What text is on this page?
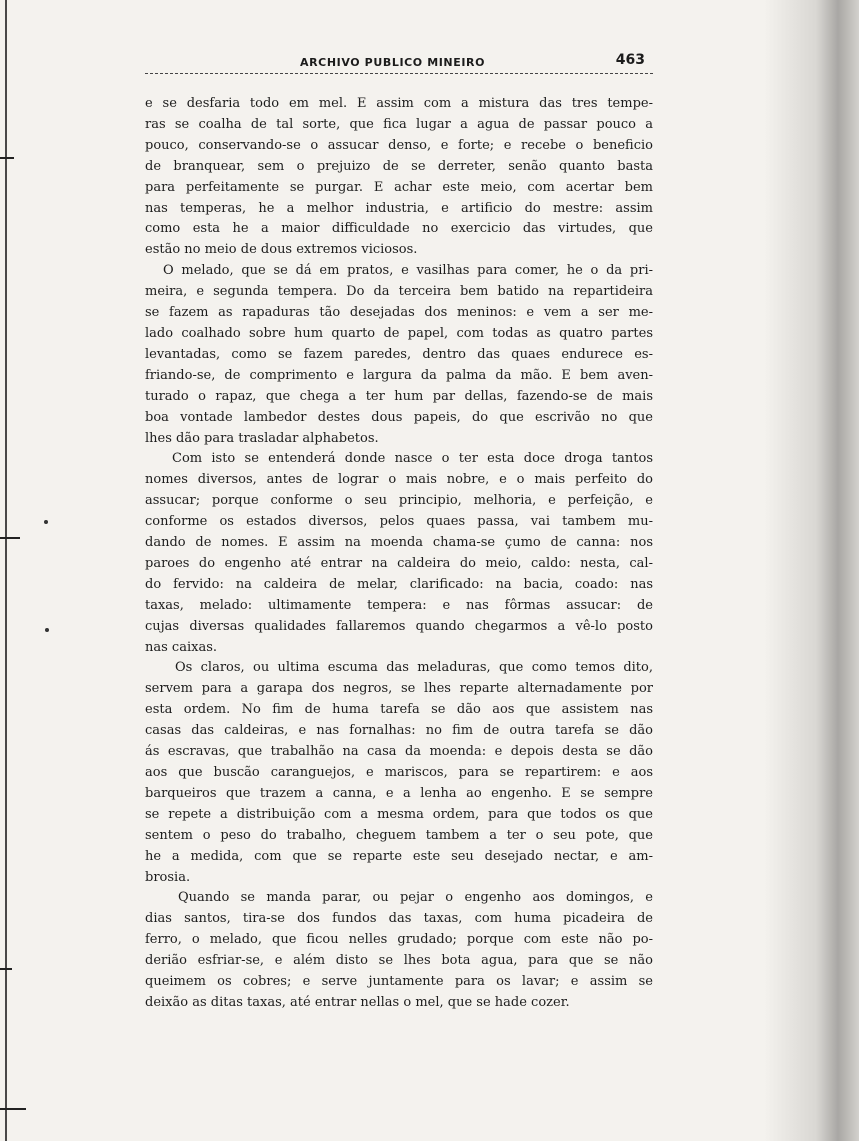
ARCHIVO PUBLICO MINEIRO	463

e se desfaria todo em mel. E assim com a mistura das tres tempe-
ras se coalha de tal sorte, que fica lugar a agua de passar pouco a
pouco, conservando-se o assucar denso, e forte; e recebe o beneficio
de branquear, sem o prejuizo de se derreter, senão quanto basta
para perfeitamente se purgar. E achar este meio, com acertar bem
nas temperas, he a melhor industria, e artificio do mestre: assim
como esta he a maior difficuldade no exercicio das virtudes, que
estão no meio de dous extremos viciosos.

O melado, que se dá em pratos, e vasilhas para comer, he o da pri-
meira, e segunda tempera. Do da terceira bem batido na repartideira
se fazem as rapaduras tão desejadas dos meninos: e vem a ser me-
lado coalhado sobre hum quarto de papel, com todas as quatro partes
levantadas, como se fazem paredes, dentro das quaes endurece es-
friando-se, de comprimento e largura da palma da mão. E bem aven-
turado o rapaz, que chega a ter hum par dellas, fazendo-se de mais
boa vontade lambedor destes dous papeis, do que escrivão no que
lhes dão para trasladar alphabetos.

Com isto se entenderá donde nasce o ter esta doce droga tantos
nomes diversos, antes de lograr o mais nobre, e o mais perfeito do
assucar; porque conforme o seu principio, melhoria, e perfeição, e
conforme os estados diversos, pelos quaes passa, vai tambem mu-
dando de nomes. E assim na moenda chama-se çumo de canna: nos
paroes do engenho até entrar na caldeira do meio, caldo: nesta, cal-
do fervido: na caldeira de melar, clarificado: na bacia, coado: nas
taxas, melado: ultimamente tempera: e nas fôrmas assucar: de
cujas diversas qualidades fallaremos quando chegarmos a vê-lo posto
nas caixas.

Os claros, ou ultima escuma das meladuras, que como temos dito,
servem para a garapa dos negros, se lhes reparte alternadamente por
esta ordem. No fim de huma tarefa se dão aos que assistem nas
casas das caldeiras, e nas fornalhas: no fim de outra tarefa se dão
ás escravas, que trabalhão na casa da moenda: e depois desta se dão
aos que buscão caranguejos, e mariscos, para se repartirem: e aos
barqueiros que trazem a canna, e a lenha ao engenho. E se sempre
se repete a distribuição com a mesma ordem, para que todos os que
sentem o peso do trabalho, cheguem tambem a ter o seu pote, que
he a medida, com que se reparte este seu desejado nectar, e am-
brosia.

Quando se manda parar, ou pejar o engenho aos domingos, e
dias santos, tira-se dos fundos das taxas, com huma picadeira de
ferro, o melado, que ficou nelles grudado; porque com este não po-
derião esfriar-se, e além disto se lhes bota agua, para que se não
queimem os cobres; e serve juntamente para os lavar; e assim se
deixão as ditas taxas, até entrar nellas o mel, que se hade cozer.
